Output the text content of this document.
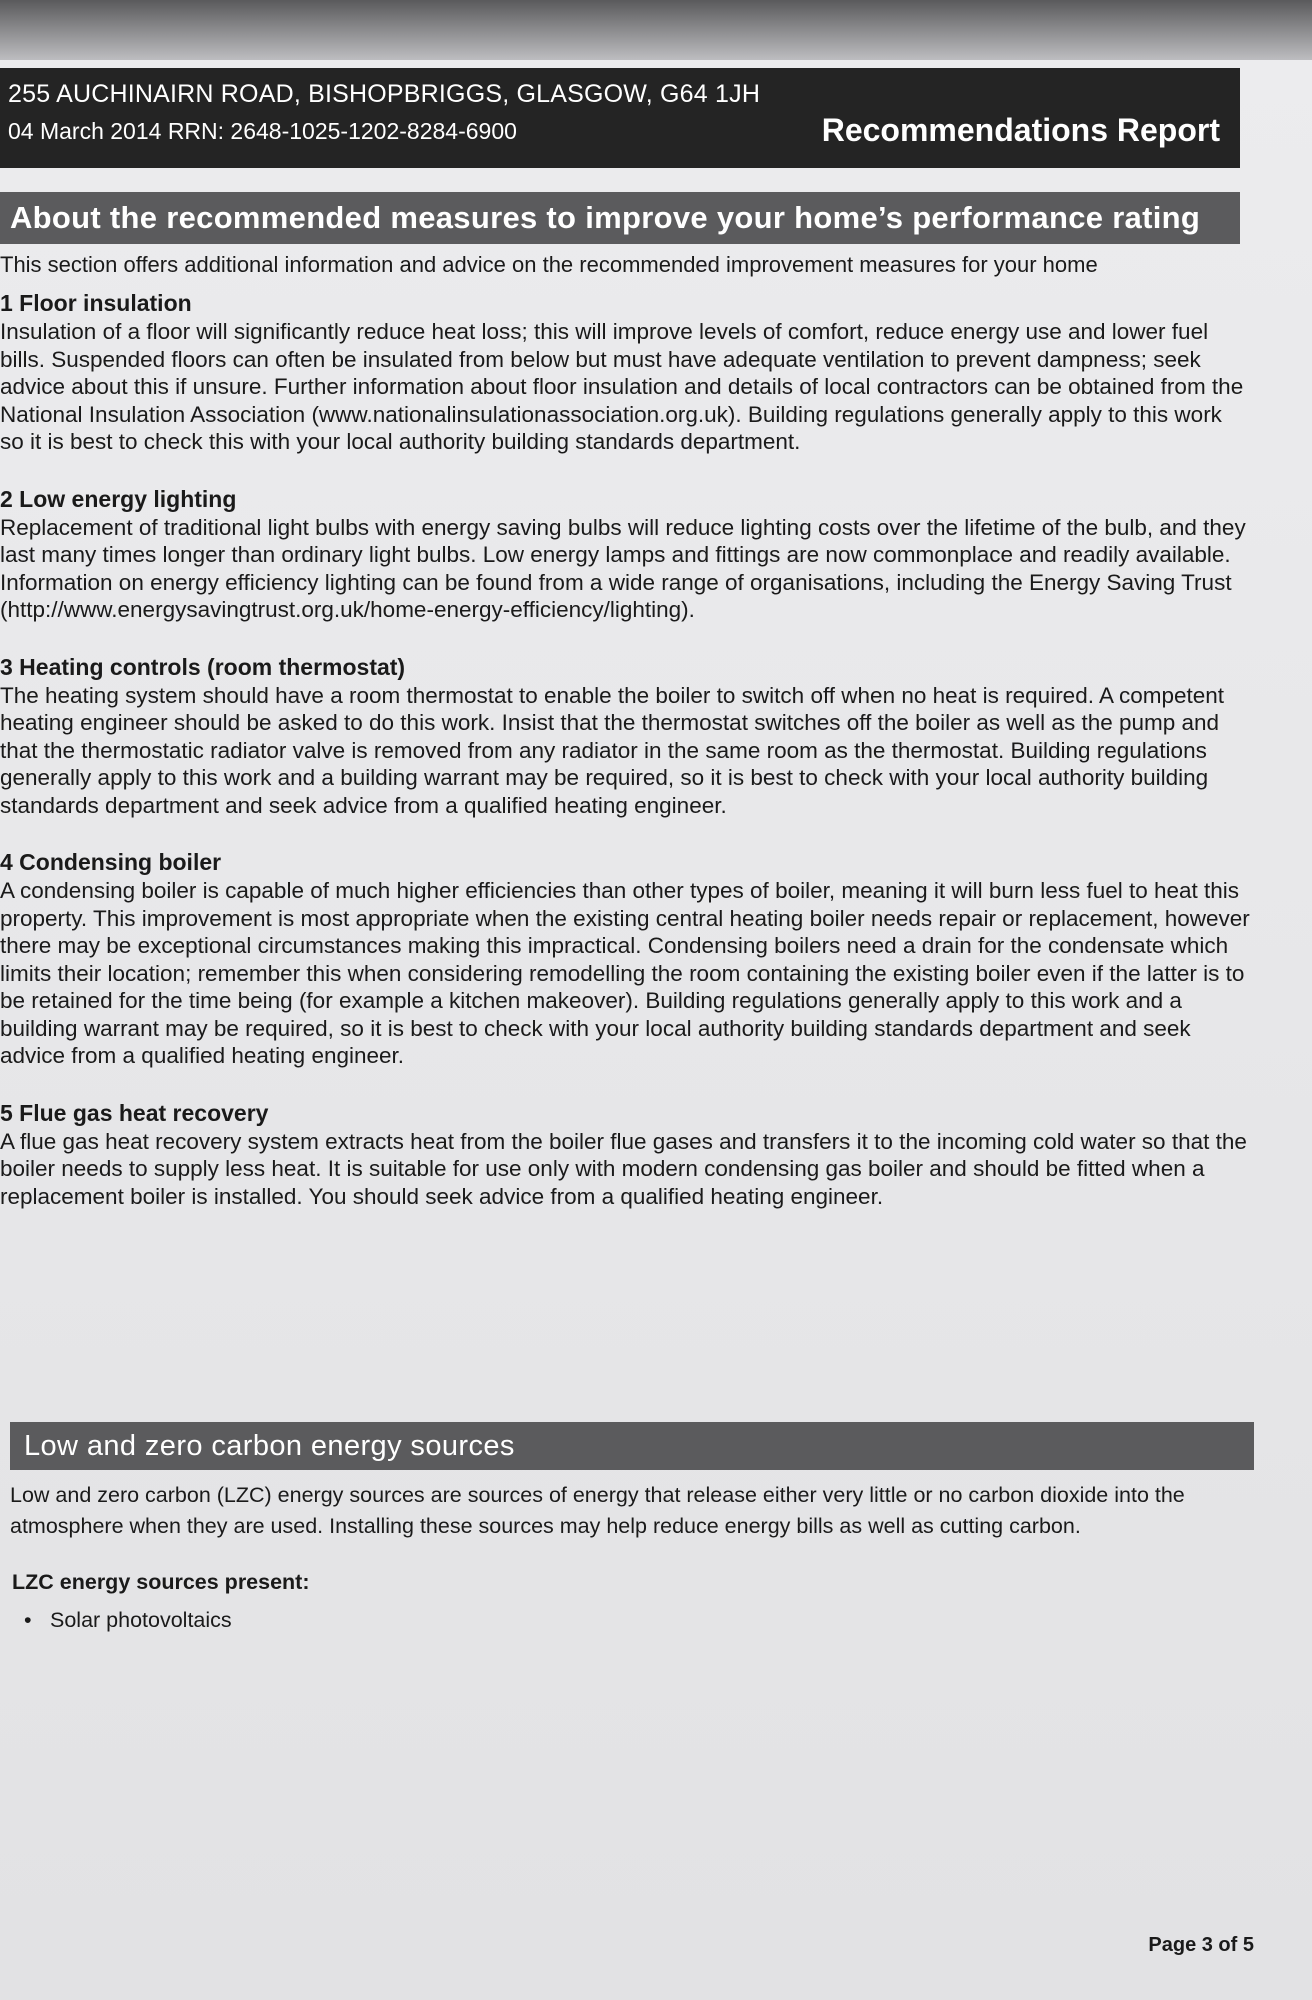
255 AUCHINAIRN ROAD, BISHOPBRIGGS, GLASGOW, G64 1JH
04 March 2014 RRN: 2648-1025-1202-8284-6900	Recommendations Report
About the recommended measures to improve your home’s performance rating
This section offers additional information and advice on the recommended improvement measures for your home
1 Floor insulation
Insulation of a floor will significantly reduce heat loss; this will improve levels of comfort, reduce energy use and lower fuel bills. Suspended floors can often be insulated from below but must have adequate ventilation to prevent dampness; seek advice about this if unsure. Further information about floor insulation and details of local contractors can be obtained from the National Insulation Association (www.nationalinsulationassociation.org.uk). Building regulations generally apply to this work so it is best to check this with your local authority building standards department.
2 Low energy lighting
Replacement of traditional light bulbs with energy saving bulbs will reduce lighting costs over the lifetime of the bulb, and they last many times longer than ordinary light bulbs. Low energy lamps and fittings are now commonplace and readily available. Information on energy efficiency lighting can be found from a wide range of organisations, including the Energy Saving Trust (http://www.energysavingtrust.org.uk/home-energy-efficiency/lighting).
3 Heating controls (room thermostat)
The heating system should have a room thermostat to enable the boiler to switch off when no heat is required. A competent heating engineer should be asked to do this work. Insist that the thermostat switches off the boiler as well as the pump and that the thermostatic radiator valve is removed from any radiator in the same room as the thermostat. Building regulations generally apply to this work and a building warrant may be required, so it is best to check with your local authority building standards department and seek advice from a qualified heating engineer.
4 Condensing boiler
A condensing boiler is capable of much higher efficiencies than other types of boiler, meaning it will burn less fuel to heat this property. This improvement is most appropriate when the existing central heating boiler needs repair or replacement, however there may be exceptional circumstances making this impractical. Condensing boilers need a drain for the condensate which limits their location; remember this when considering remodelling the room containing the existing boiler even if the latter is to be retained for the time being (for example a kitchen makeover). Building regulations generally apply to this work and a building warrant may be required, so it is best to check with your local authority building standards department and seek advice from a qualified heating engineer.
5 Flue gas heat recovery
A flue gas heat recovery system extracts heat from the boiler flue gases and transfers it to the incoming cold water so that the boiler needs to supply less heat. It is suitable for use only with modern condensing gas boiler and should be fitted when a replacement boiler is installed. You should seek advice from a qualified heating engineer.
Low and zero carbon energy sources
Low and zero carbon (LZC) energy sources are sources of energy that release either very little or no carbon dioxide into the atmosphere when they are used. Installing these sources may help reduce energy bills as well as cutting carbon.
LZC energy sources present:
• Solar photovoltaics
Page 3 of 5
